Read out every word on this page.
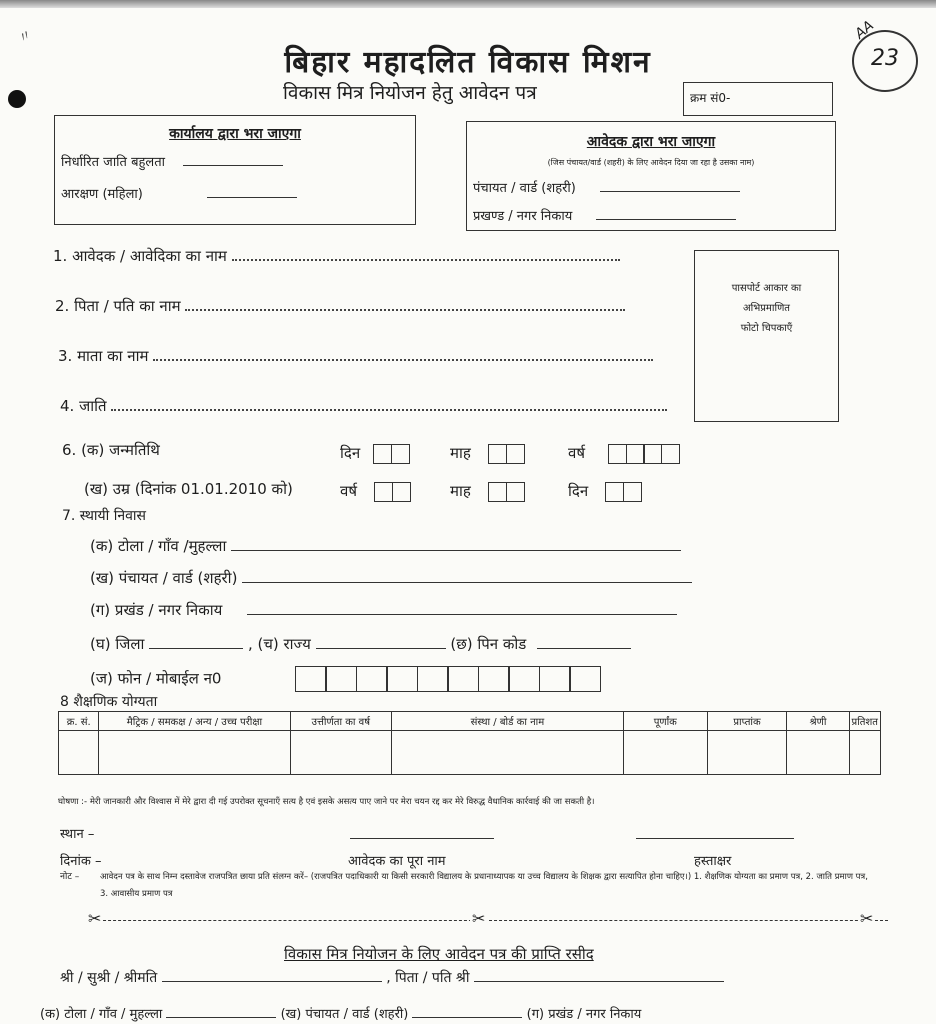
〃
बिहार महादलित विकास मिशन
विकास मित्र नियोजन हेतु आवेदन पत्र	क्रम सं0-
AA
23
कार्यालय द्वारा भरा जाएगा
निर्धारित जाति बहुलता
आरक्षण (महिला)
आवेदक द्वारा भरा जाएगा
(जिस पंचायत/वार्ड (शहरी) के लिए आवेदन दिया जा रहा है उसका नाम)
पंचायत / वार्ड (शहरी)
प्रखण्ड / नगर निकाय
1. आवेदक / आवेदिका का नाम
2. पिता / पति का नाम
3. माता का नाम
4. जाति
पासपोर्ट आकार का
अभिप्रमाणित
फोटो चिपकाएँ
6. (क) जन्मतिथि	दिन	माह	वर्ष
(ख) उम्र (दिनांक 01.01.2010 को)	वर्ष	माह	दिन
7. स्थायी निवास
(क) टोला / गाँव /मुहल्ला
(ख) पंचायत / वार्ड (शहरी)
(ग) प्रखंड / नगर निकाय
(घ) जिला	, (च) राज्य	(छ) पिन कोड
(ज) फोन / मोबाईल न0
8 शैक्षणिक योग्यता
क्र. सं.	मैट्रिक / समकक्ष / अन्य / उच्च परीक्षा	उत्तीर्णता का वर्ष	संस्था / बोर्ड का नाम	पूर्णांक	प्राप्तांक	श्रेणी	प्रतिशत

घोषणा :- मेरी जानकारी और विश्वास में मेरे द्वारा दी गई उपरोक्त सूचनाएँ सत्य है एवं इसके असत्य पाए जाने पर मेरा चयन रद्द कर मेरे विरुद्ध वैधानिक कार्रवाई की जा सकती है।
स्थान –
दिनांक –	आवेदक का पूरा नाम	हस्ताक्षर
नोट – आवेदन पत्र के साथ निम्न दस्तावेज राजपत्रित छाया प्रति संलग्न करें– (राजपत्रित पदाधिकारी या किसी सरकारी विद्यालय के प्रधानाध्यापक या उच्च विद्यालय के शिक्षक द्वारा सत्यापित होना चाहिए।) 1. शैक्षणिक योग्यता का प्रमाण पत्र, 2. जाति प्रमाण पत्र, 3. आवासीय प्रमाण पत्र
✂	✂	✂
विकास मित्र नियोजन के लिए आवेदन पत्र की प्राप्ति रसीद
श्री / सुश्री / श्रीमति	, पिता / पति श्री
(क) टोला / गाँव / मुहल्ला	(ख) पंचायत / वार्ड (शहरी)	(ग) प्रखंड / नगर निकाय
